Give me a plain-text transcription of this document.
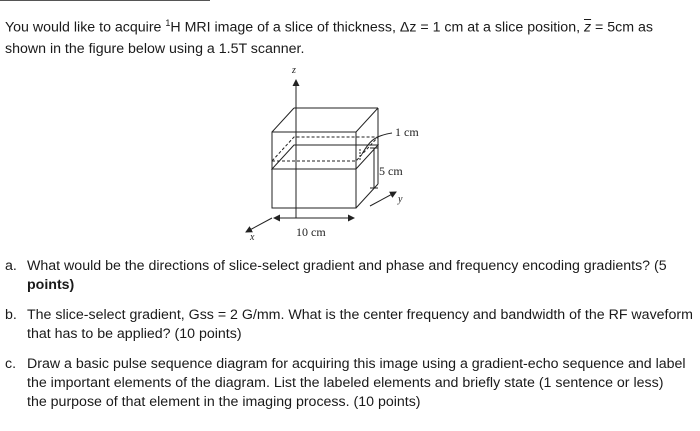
You would like to acquire $^1$H MRI image of a slice of thickness, Δz = 1 cm at a slice position, $\overline{z} = 5cm$ as
shown in the figure below using a 1.5T scanner.

z
x
y
1 cm
5 cm
10 cm
a. What would be the directions of slice-select gradient and phase and frequency encoding gradients? (5
points)
b. The slice-select gradient, Gss = 2 G/mm. What is the center frequency and bandwidth of the RF waveform
that has to be applied? (10 points)
c. Draw a basic pulse sequence diagram for acquiring this image using a gradient-echo sequence and label
the important elements of the diagram. List the labeled elements and briefly state (1 sentence or less)
the purpose of that element in the imaging process. (10 points)
